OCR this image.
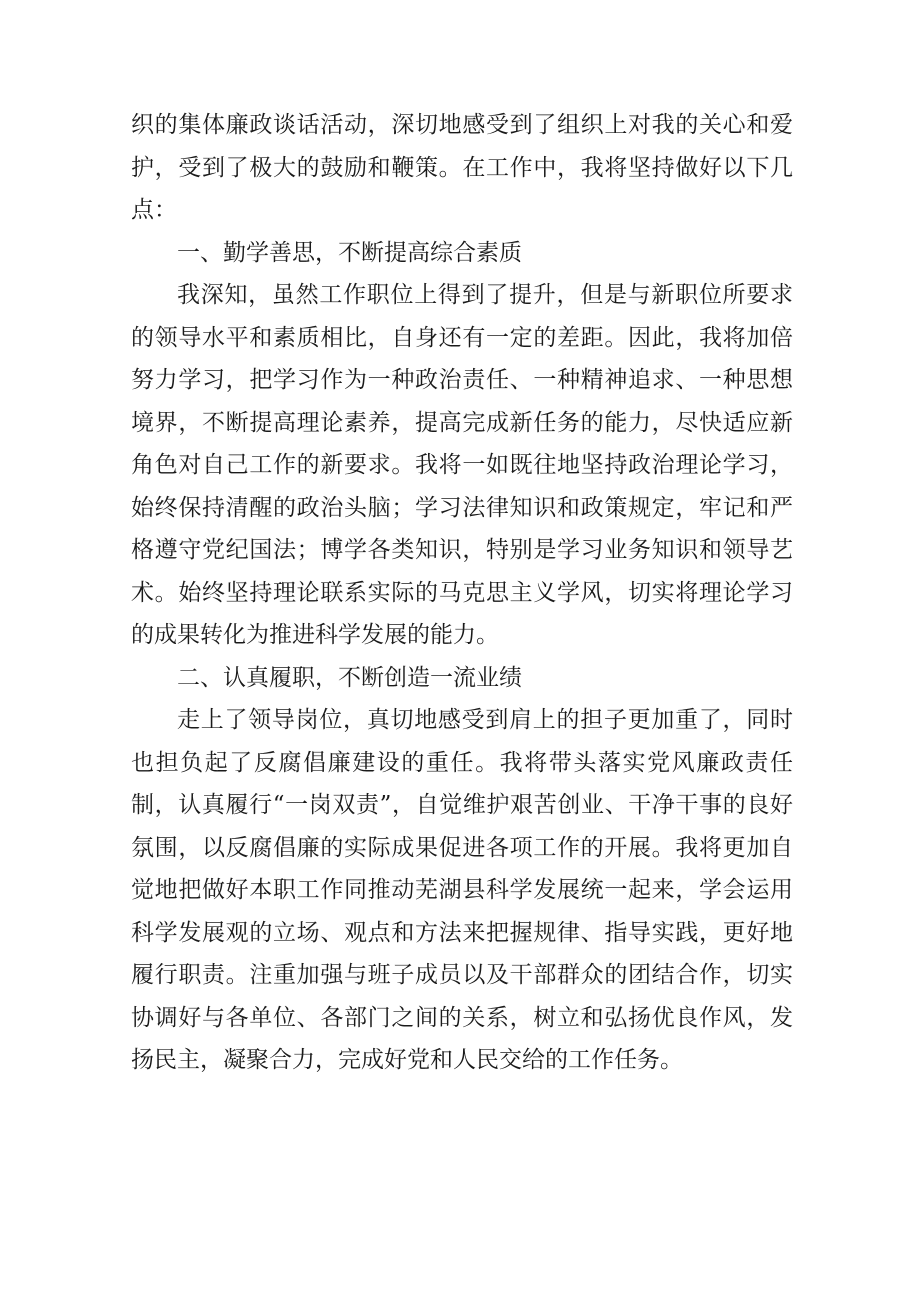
织的集体廉政谈话活动，深切地感受到了组织上对我的关心和爱护，受到了极大的鼓励和鞭策。在工作中，我将坚持做好以下几点：

一、勤学善思，不断提高综合素质

我深知，虽然工作职位上得到了提升，但是与新职位所要求的领导水平和素质相比，自身还有一定的差距。因此，我将加倍努力学习，把学习作为一种政治责任、一种精神追求、一种思想境界，不断提高理论素养，提高完成新任务的能力，尽快适应新角色对自己工作的新要求。我将一如既往地坚持政治理论学习，始终保持清醒的政治头脑；学习法律知识和政策规定，牢记和严格遵守党纪国法；博学各类知识，特别是学习业务知识和领导艺术。始终坚持理论联系实际的马克思主义学风，切实将理论学习的成果转化为推进科学发展的能力。

二、认真履职，不断创造一流业绩

走上了领导岗位，真切地感受到肩上的担子更加重了，同时也担负起了反腐倡廉建设的重任。我将带头落实党风廉政责任制，认真履行“一岗双责”，自觉维护艰苦创业、干净干事的良好氛围，以反腐倡廉的实际成果促进各项工作的开展。我将更加自觉地把做好本职工作同推动芜湖县科学发展统一起来，学会运用科学发展观的立场、观点和方法来把握规律、指导实践，更好地履行职责。注重加强与班子成员以及干部群众的团结合作，切实协调好与各单位、各部门之间的关系，树立和弘扬优良作风，发扬民主，凝聚合力，完成好党和人民交给的工作任务。
